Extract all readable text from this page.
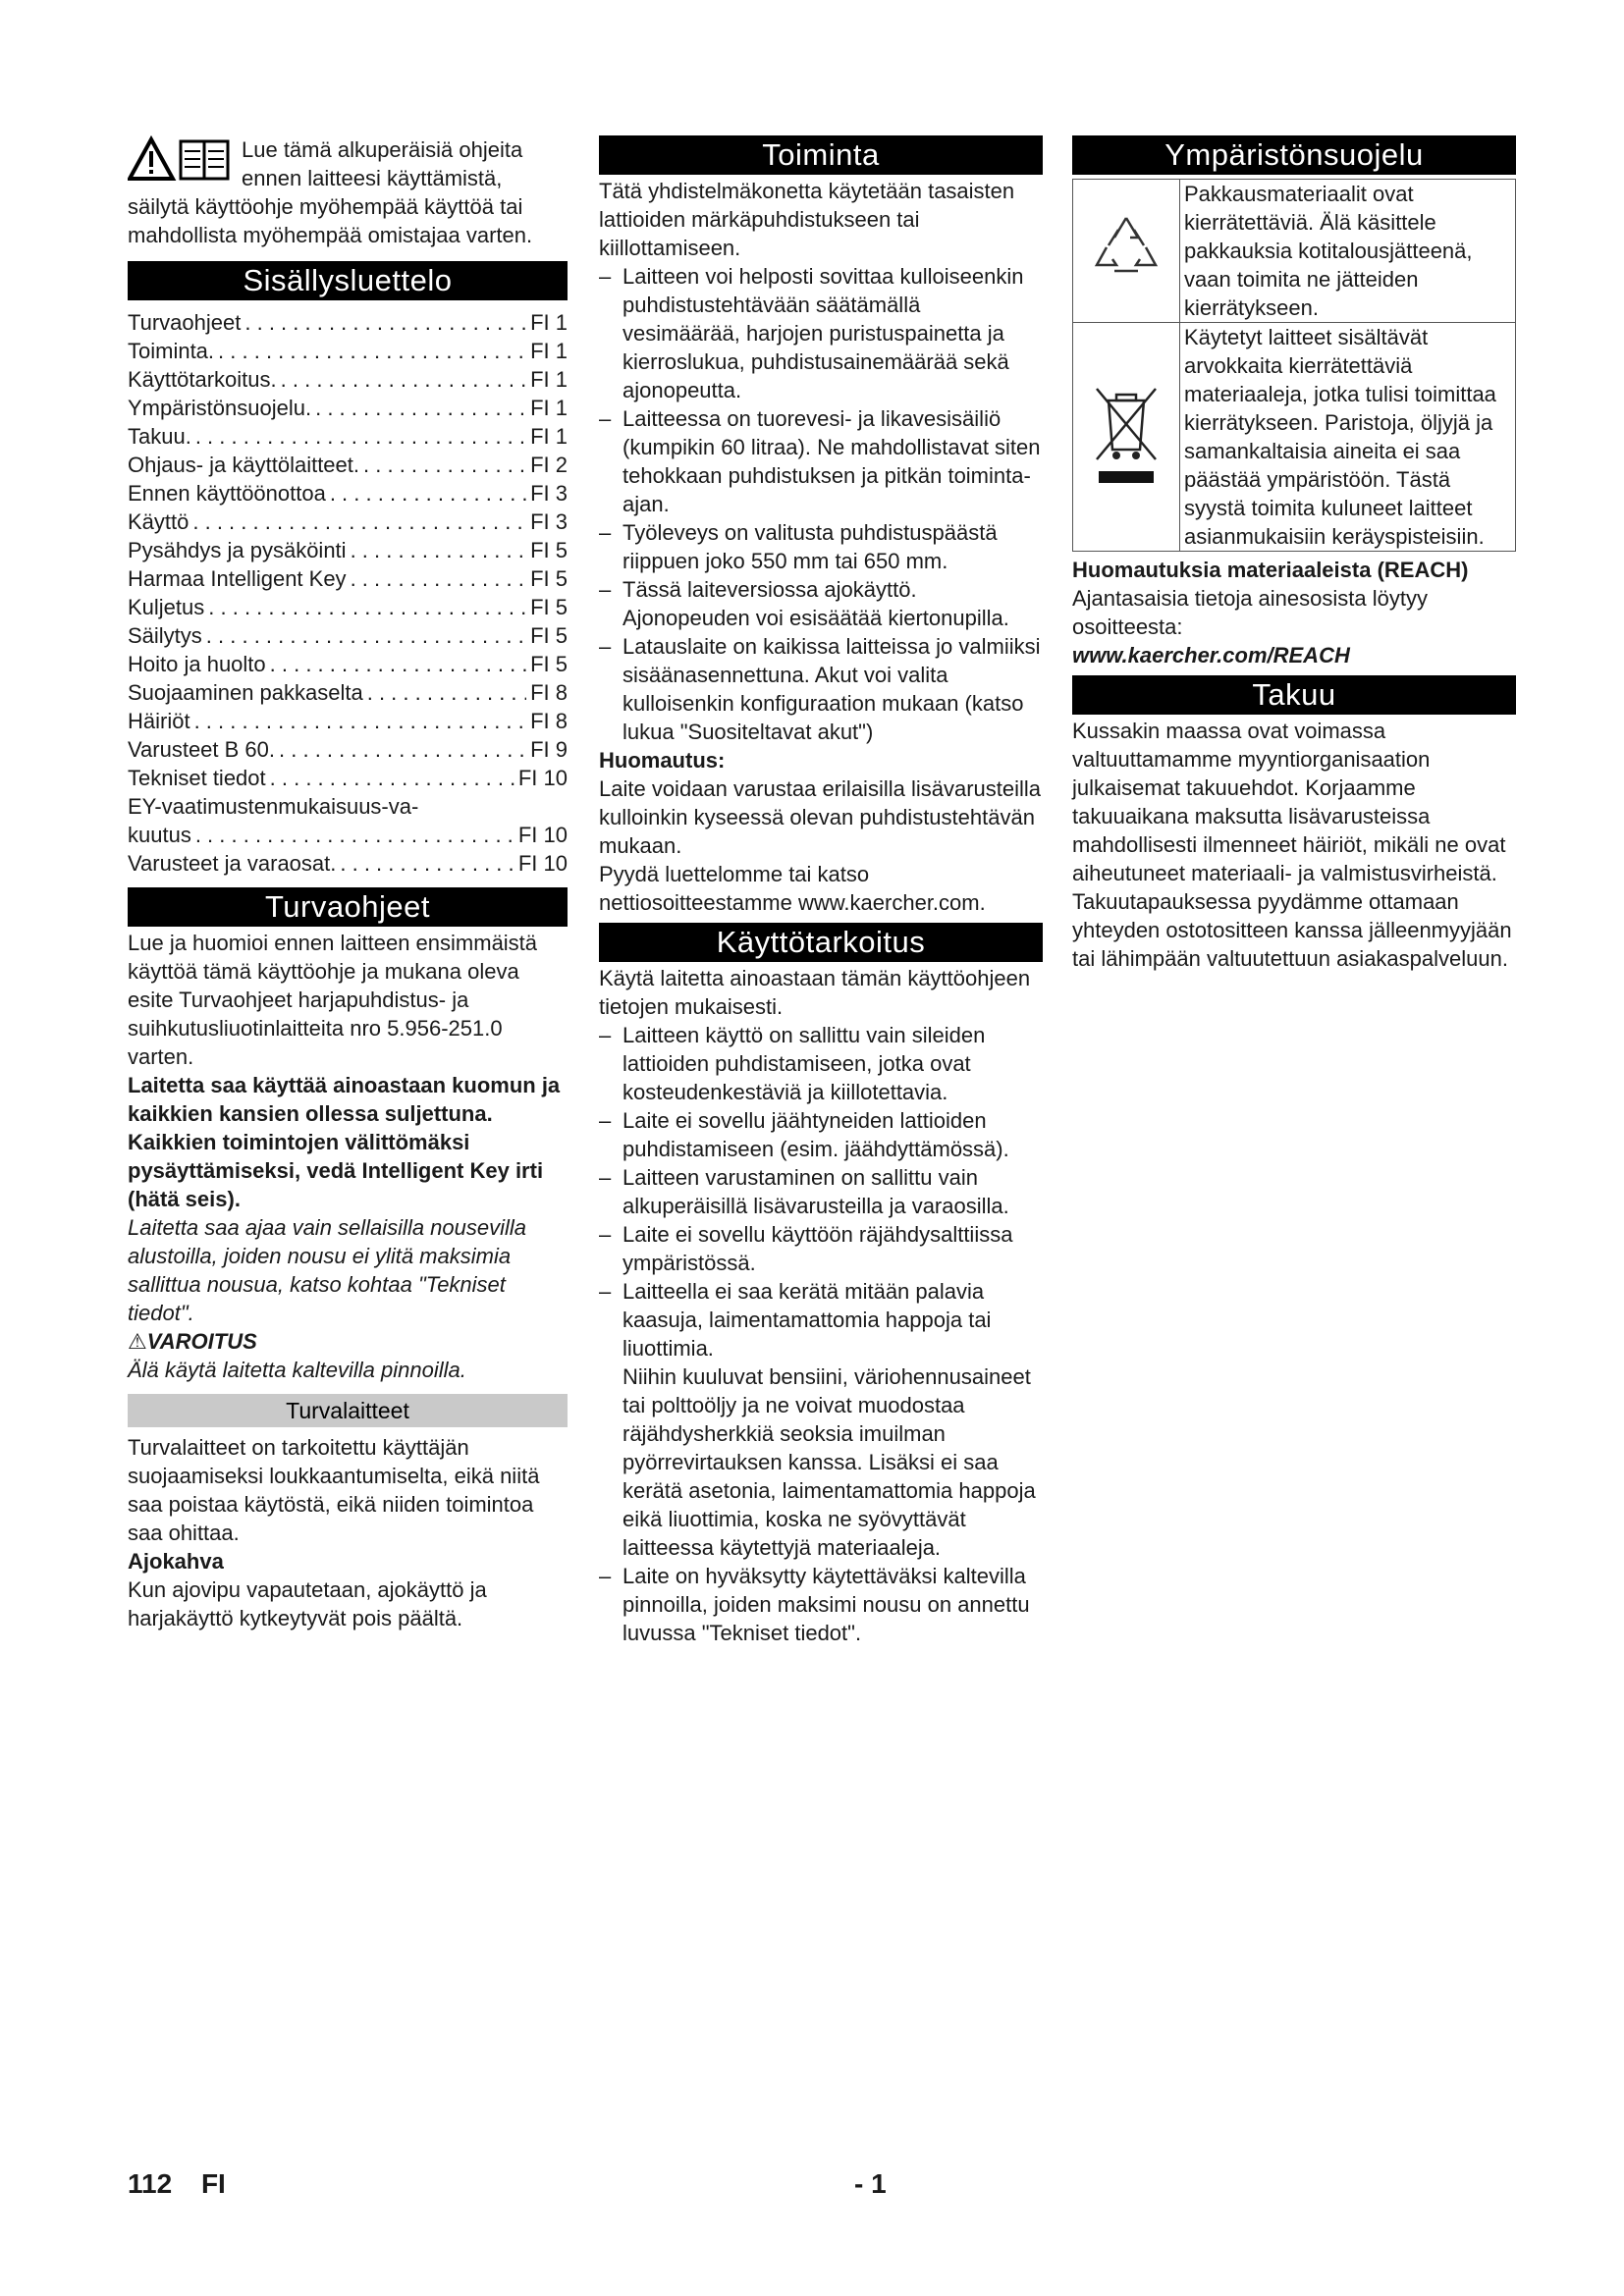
Lue tämä alkuperäisiä ohjeita ennen laitteesi käyttämistä, säilytä käyttöohje myöhempää käyttöä tai mahdollista myöhempää omistajaa varten.

Sisällysluettelo
Turvaohjeet . . .	FI 1
Toiminta. . . .	FI 1
Käyttötarkoitus. . . .	FI 1
Ympäristönsuojelu. . . .	FI 1
Takuu. . . .	FI 1
Ohjaus- ja käyttölaitteet. . . .	FI 2
Ennen käyttöönottoa . . .	FI 3
Käyttö . . .	FI 3
Pysähdys ja pysäköinti . . .	FI 5
Harmaa Intelligent Key . . .	FI 5
Kuljetus . . .	FI 5
Säilytys . . .	FI 5
Hoito ja huolto . . .	FI 5
Suojaaminen pakkaselta . . .	FI 8
Häiriöt . . .	FI 8
Varusteet B 60. . . .	FI 9
Tekniset tiedot . . .	FI 10
EY-vaatimustenmukaisuus-va-
kuutus . . .	FI 10
Varusteet ja varaosat. . . .	FI 10
Turvaohjeet

Lue ja huomioi ennen laitteen ensimmäistä käyttöä tämä käyttöohje ja mukana oleva esite Turvaohjeet harjapuhdistus- ja suihkutusliuotinlaitteita nro 5.956-251.0 varten.

Laitetta saa käyttää ainoastaan kuomun ja kaikkien kansien ollessa suljettuna. Kaikkien toimintojen välittömäksi pysäyttämiseksi, vedä Intelligent Key irti (hätä seis).

Laitetta saa ajaa vain sellaisilla nousevilla alustoilla, joiden nousu ei ylitä maksimia sallittua nousua, katso kohtaa "Tekniset tiedot".

⚠VAROITUS

Älä käytä laitetta kaltevilla pinnoilla.

Turvalaitteet

Turvalaitteet on tarkoitettu käyttäjän suojaamiseksi loukkaantumiselta, eikä niitä saa poistaa käytöstä, eikä niiden toimintoa saa ohittaa.

Ajokahva

Kun ajovipu vapautetaan, ajokäyttö ja harjakäyttö kytkeytyvät pois päältä.

Toiminta

Tätä yhdistelmäkonetta käytetään tasaisten lattioiden märkäpuhdistukseen tai kiillottamiseen.

– Laitteen voi helposti sovittaa kulloiseenkin puhdistustehtävään säätämällä vesimäärää, harjojen puristuspainetta ja kierroslukua, puhdistusainemäärää sekä ajonopeutta.
– Laitteessa on tuorevesi- ja likavesisäiliö (kumpikin 60 litraa). Ne mahdollistavat siten tehokkaan puhdistuksen ja pitkän toiminta-ajan.
– Työleveys on valitusta puhdistuspäästä riippuen joko 550 mm tai 650 mm.
– Tässä laiteversiossa ajokäyttö. Ajonopeuden voi esisäätää kiertonupilla.
– Latauslaite on kaikissa laitteissa jo valmiiksi sisäänasennettuna. Akut voi valita kulloisenkin konfiguraation mukaan (katso lukua "Suositeltavat akut")

Huomautus:

Laite voidaan varustaa erilaisilla lisävarusteilla kulloinkin kyseessä olevan puhdistustehtävän mukaan.

Pyydä luettelomme tai katso nettiosoitteestamme www.kaercher.com.

Käyttötarkoitus

Käytä laitetta ainoastaan tämän käyttöohjeen tietojen mukaisesti.

– Laitteen käyttö on sallittu vain sileiden lattioiden puhdistamiseen, jotka ovat kosteudenkestäviä ja kiillotettavia.
– Laite ei sovellu jäähtyneiden lattioiden puhdistamiseen (esim. jäähdyttämössä).
– Laitteen varustaminen on sallittu vain alkuperäisillä lisävarusteilla ja varaosilla.
– Laite ei sovellu käyttöön räjähdysalttiissa ympäristössä.
– Laitteella ei saa kerätä mitään palavia kaasuja, laimentamattomia happoja tai liuottimia.
Niihin kuuluvat bensiini, väriohennusaineet tai polttoöljy ja ne voivat muodostaa räjähdysherkkiä seoksia imuilman pyörrevirtauksen kanssa. Lisäksi ei saa kerätä asetonia, laimentamattomia happoja eikä liuottimia, koska ne syövyttävät laitteessa käytettyjä materiaaleja.
– Laite on hyväksytty käytettäväksi kaltevilla pinnoilla, joiden maksimi nousu on annettu luvussa "Tekniset tiedot".
Ympäristönsuojelu
	Pakkausmateriaalit ovat kierrätettäviä. Älä käsittele pakkauksia kotitalousjätteenä, vaan toimita ne jätteiden kierrätykseen.
	Käytetyt laitteet sisältävät arvokkaita kierrätettäviä materiaaleja, jotka tulisi toimittaa kierrätykseen. Paristoja, öljyjä ja samankaltaisia aineita ei saa päästää ympäristöön. Tästä syystä toimita kuluneet laitteet asianmukaisiin keräyspisteisiin.

Huomautuksia materiaaleista (REACH)

Ajantasaisia tietoja ainesosista löytyy osoitteesta:

www.kaercher.com/REACH

Takuu

Kussakin maassa ovat voimassa valtuuttamamme myyntiorganisaation julkaisemat takuuehdot. Korjaamme takuuaikana maksutta lisävarusteissa mahdollisesti ilmenneet häiriöt, mikäli ne ovat aiheutuneet materiaali- ja valmistusvirheistä. Takuutapauksessa pyydämme ottamaan yhteyden ostotositteen kanssa jälleenmyyjään tai lähimpään valtuutettuun asiakaspalveluun.

112 FI	- 1
